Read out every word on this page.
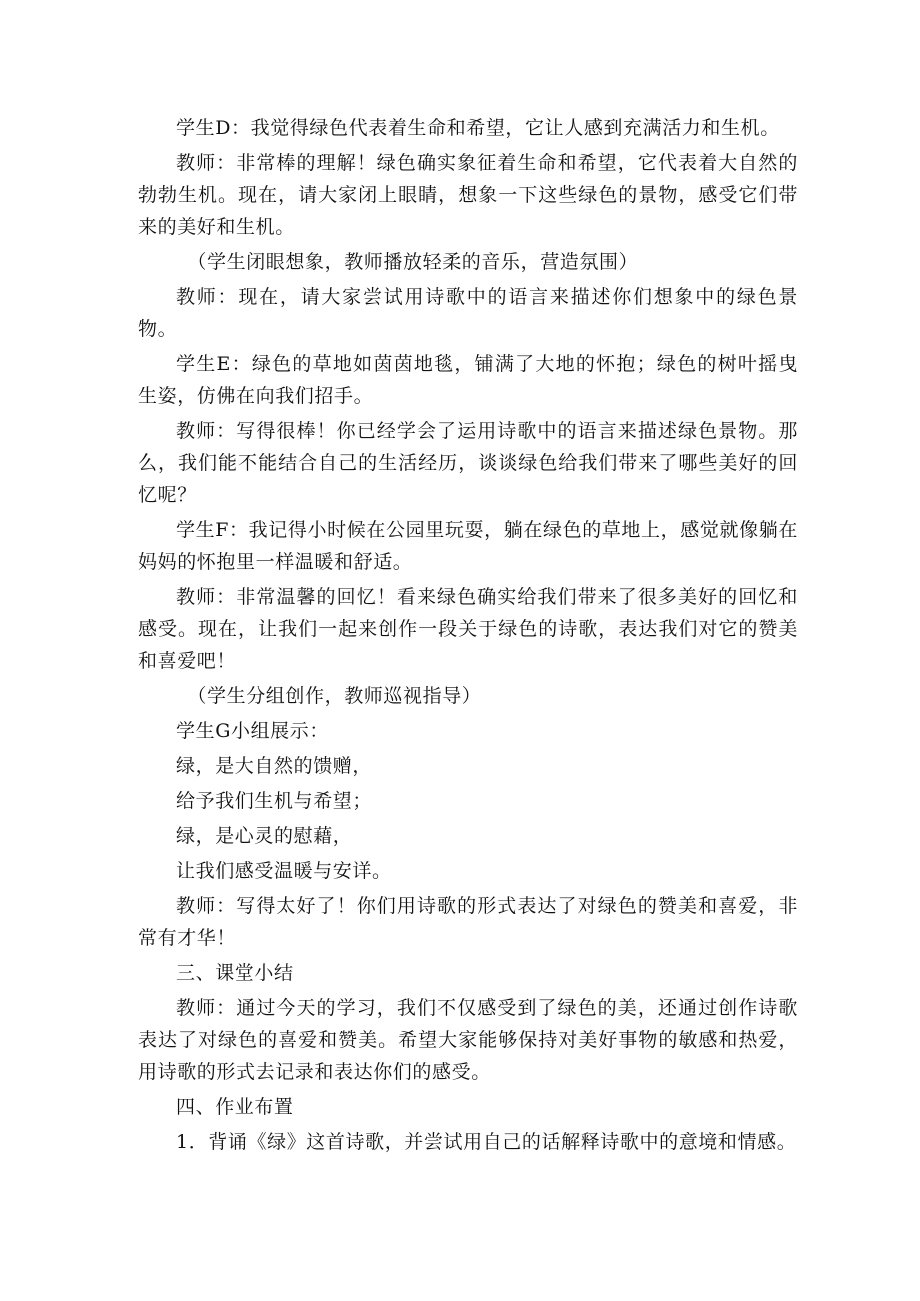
学生D：我觉得绿色代表着生命和希望，它让人感到充满活力和生机。

教师：非常棒的理解！绿色确实象征着生命和希望，它代表着大自然的勃勃生机。现在，请大家闭上眼睛，想象一下这些绿色的景物，感受它们带来的美好和生机。

（学生闭眼想象，教师播放轻柔的音乐，营造氛围）

教师：现在，请大家尝试用诗歌中的语言来描述你们想象中的绿色景物。

学生E：绿色的草地如茵茵地毯，铺满了大地的怀抱；绿色的树叶摇曳生姿，仿佛在向我们招手。

教师：写得很棒！你已经学会了运用诗歌中的语言来描述绿色景物。那么，我们能不能结合自己的生活经历，谈谈绿色给我们带来了哪些美好的回忆呢？

学生F：我记得小时候在公园里玩耍，躺在绿色的草地上，感觉就像躺在妈妈的怀抱里一样温暖和舒适。

教师：非常温馨的回忆！看来绿色确实给我们带来了很多美好的回忆和感受。现在，让我们一起来创作一段关于绿色的诗歌，表达我们对它的赞美和喜爱吧！

（学生分组创作，教师巡视指导）

学生G小组展示：

绿，是大自然的馈赠，

给予我们生机与希望；

绿，是心灵的慰藉，

让我们感受温暖与安详。

教师：写得太好了！你们用诗歌的形式表达了对绿色的赞美和喜爱，非常有才华！

三、课堂小结

教师：通过今天的学习，我们不仅感受到了绿色的美，还通过创作诗歌表达了对绿色的喜爱和赞美。希望大家能够保持对美好事物的敏感和热爱，用诗歌的形式去记录和表达你们的感受。

四、作业布置

1．背诵《绿》这首诗歌，并尝试用自己的话解释诗歌中的意境和情感。
